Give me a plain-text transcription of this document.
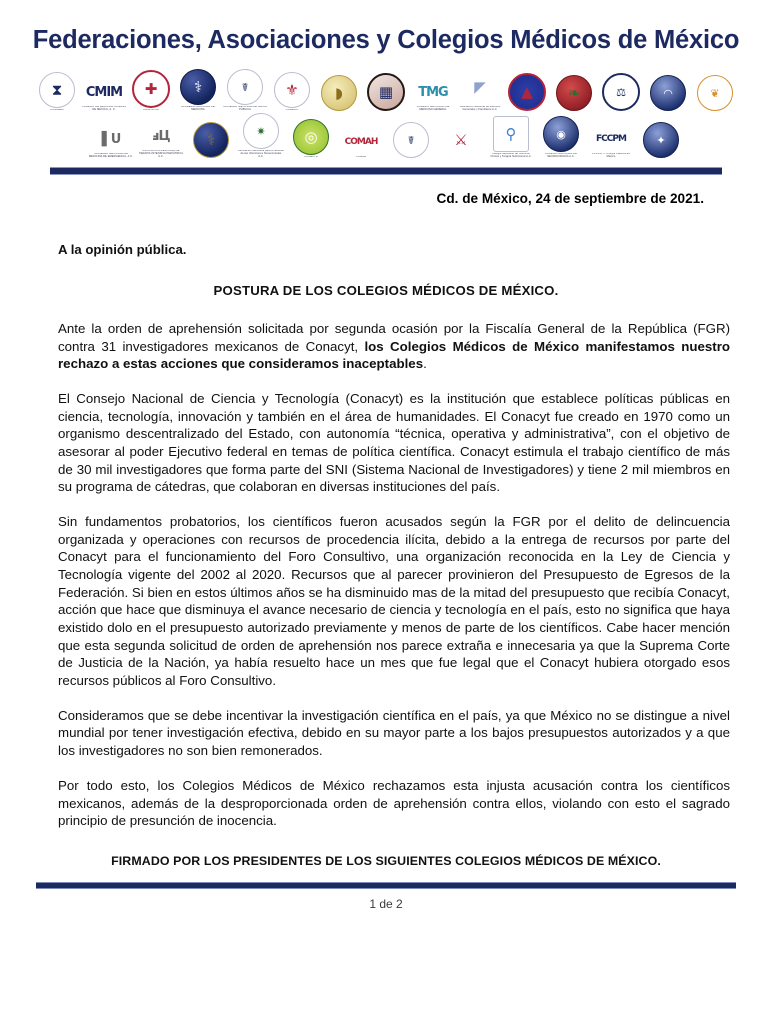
Federaciones, Asociaciones y Colegios Médicos de México
⧗
CONAMEC
CMIM
COLEGIO DE MEDICINA INTERNA DE MÉXICO, A. C.
✚
CRUZ ROJA
⚕
ACADEMIA NACIONAL DE MEDICINA
☤
SOCIEDAD MEXICANA DE SALUD PÚBLICA
⚜
COLEGIO
◗	▦	TMG
COLEGIO MEXICANO DE MEDICINA GENERAL
◤
Asociación Nacional de Médicos Generales y Familiares A.C.
▲	❧	⚖	◠	❦
▌U
SOCIEDAD MEXICANA DE MEDICINA DE EMERGENCIA, A.C.
ⅎЦ
ASOCIACIÓN MEXICANA DE TERAPIA INTENSIVA PEDIÁTRICA A.C.
⚕	✷
Asociación Mexicana para el Estudio de las Infecciones Nosocomiales A.C.
◎
COMEFYR
COMAH
COMAH
☤	⚔	⚲
Colegio Mexicano de Nutrición Clínica y Terapia Nutricional A.C.
◉
COLEGIO NACIONAL DE NEUROCIRUGÍA A.C.
FCCPM
FCCPM — Cirugía Plástica de México
✦
Cd. de México, 24 de septiembre de 2021.
A la opinión pública.
POSTURA DE LOS COLEGIOS MÉDICOS DE MÉXICO.

Ante la orden de aprehensión solicitada por segunda ocasión por la Fiscalía General de la República (FGR) contra 31 investigadores mexicanos de Conacyt, los Colegios Médicos de México manifestamos nuestro rechazo a estas acciones que consideramos inaceptables.

El Consejo Nacional de Ciencia y Tecnología (Conacyt) es la institución que establece políticas públicas en ciencia, tecnología, innovación y también en el área de humanidades. El Conacyt fue creado en 1970 como un organismo descentralizado del Estado, con autonomía “técnica, operativa y administrativa”, con el objetivo de asesorar al poder Ejecutivo federal en temas de política científica. Conacyt estimula el trabajo científico de más de 30 mil investigadores que forma parte del SNI (Sistema Nacional de Investigadores) y tiene 2 mil miembros en su programa de cátedras, que colaboran en diversas instituciones del país.

Sin fundamentos probatorios, los científicos fueron acusados según la FGR por el delito de delincuencia organizada y operaciones con recursos de procedencia ilícita, debido a la entrega de recursos por parte del Conacyt para el funcionamiento del Foro Consultivo, una organización reconocida en la Ley de Ciencia y Tecnología vigente del 2002 al 2020. Recursos que al parecer provinieron del Presupuesto de Egresos de la Federación. Si bien en estos últimos años se ha disminuido mas de la mitad del presupuesto que recibía Conacyt, acción que hace que disminuya el avance necesario de ciencia y tecnología en el país, esto no significa que haya existido dolo en el presupuesto autorizado previamente y menos de parte de los científicos. Cabe hacer mención que esta segunda solicitud de orden de aprehensión nos parece extraña e innecesaria ya que la Suprema Corte de Justicia de la Nación, ya había resuelto hace un mes que fue legal que el Conacyt hubiera otorgado esos recursos públicos al Foro Consultivo.

Consideramos que se debe incentivar la investigación científica en el país, ya que México no se distingue a nivel mundial por tener investigación efectiva, debido en su mayor parte a los bajos presupuestos autorizados y a que los investigadores no son bien remonerados.

Por todo esto, los Colegios Médicos de México rechazamos esta injusta acusación contra los científicos mexicanos, además de la desproporcionada orden de aprehensión contra ellos, violando con esto el sagrado principio de presunción de inocencia.

FIRMADO POR LOS PRESIDENTES DE LOS SIGUIENTES COLEGIOS MÉDICOS DE MÉXICO.
1 de 2
